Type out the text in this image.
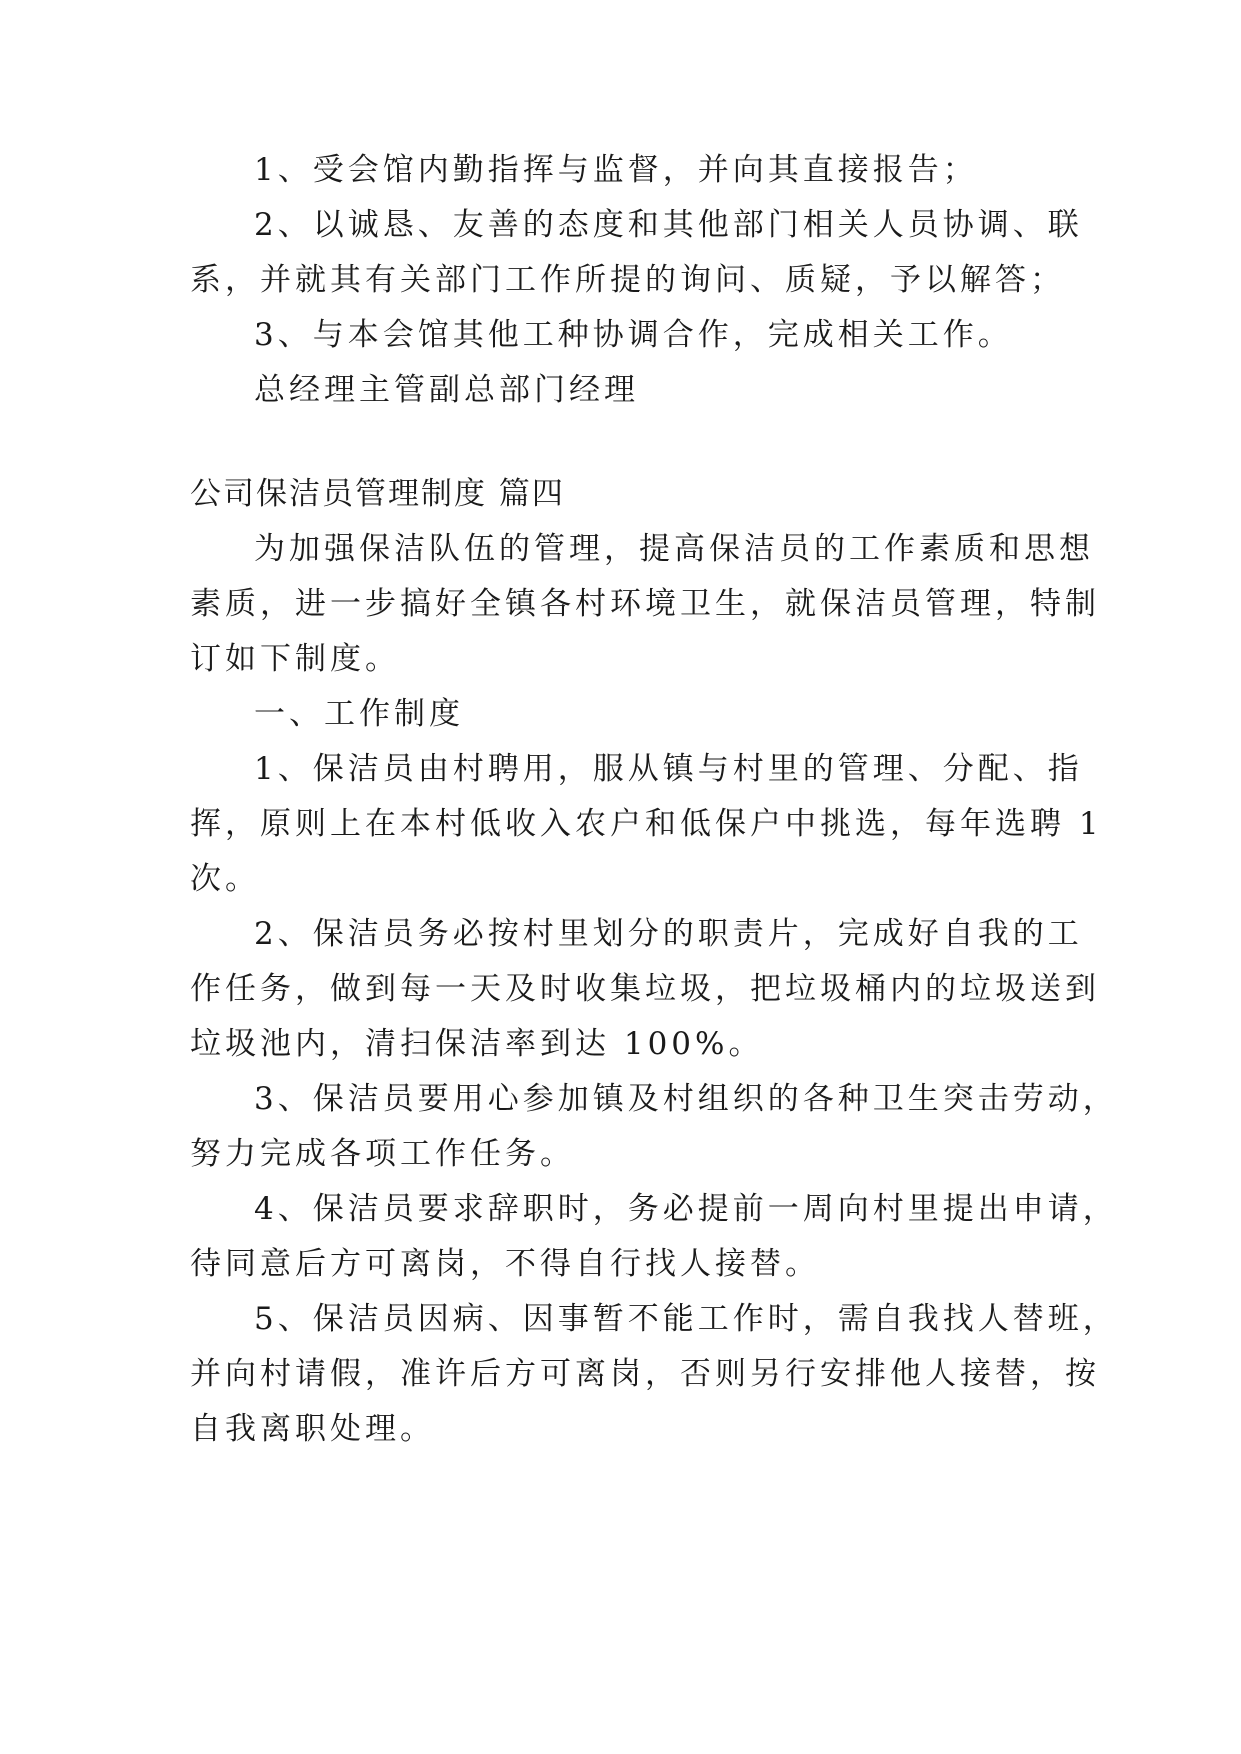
1、受会馆内勤指挥与监督，并向其直接报告；
2、以诚恳、友善的态度和其他部门相关人员协调、联
系，并就其有关部门工作所提的询问、质疑，予以解答；
3、与本会馆其他工种协调合作，完成相关工作。
总经理主管副总部门经理
公司保洁员管理制度 篇四
为加强保洁队伍的管理，提高保洁员的工作素质和思想
素质，进一步搞好全镇各村环境卫生，就保洁员管理，特制
订如下制度。
一、工作制度
1、保洁员由村聘用，服从镇与村里的管理、分配、指
挥，原则上在本村低收入农户和低保户中挑选，每年选聘 1
次。
2、保洁员务必按村里划分的职责片，完成好自我的工
作任务，做到每一天及时收集垃圾，把垃圾桶内的垃圾送到
垃圾池内，清扫保洁率到达 100%。
3、保洁员要用心参加镇及村组织的各种卫生突击劳动，
努力完成各项工作任务。
4、保洁员要求辞职时，务必提前一周向村里提出申请，
待同意后方可离岗，不得自行找人接替。
5、保洁员因病、因事暂不能工作时，需自我找人替班，
并向村请假，准许后方可离岗，否则另行安排他人接替，按
自我离职处理。
